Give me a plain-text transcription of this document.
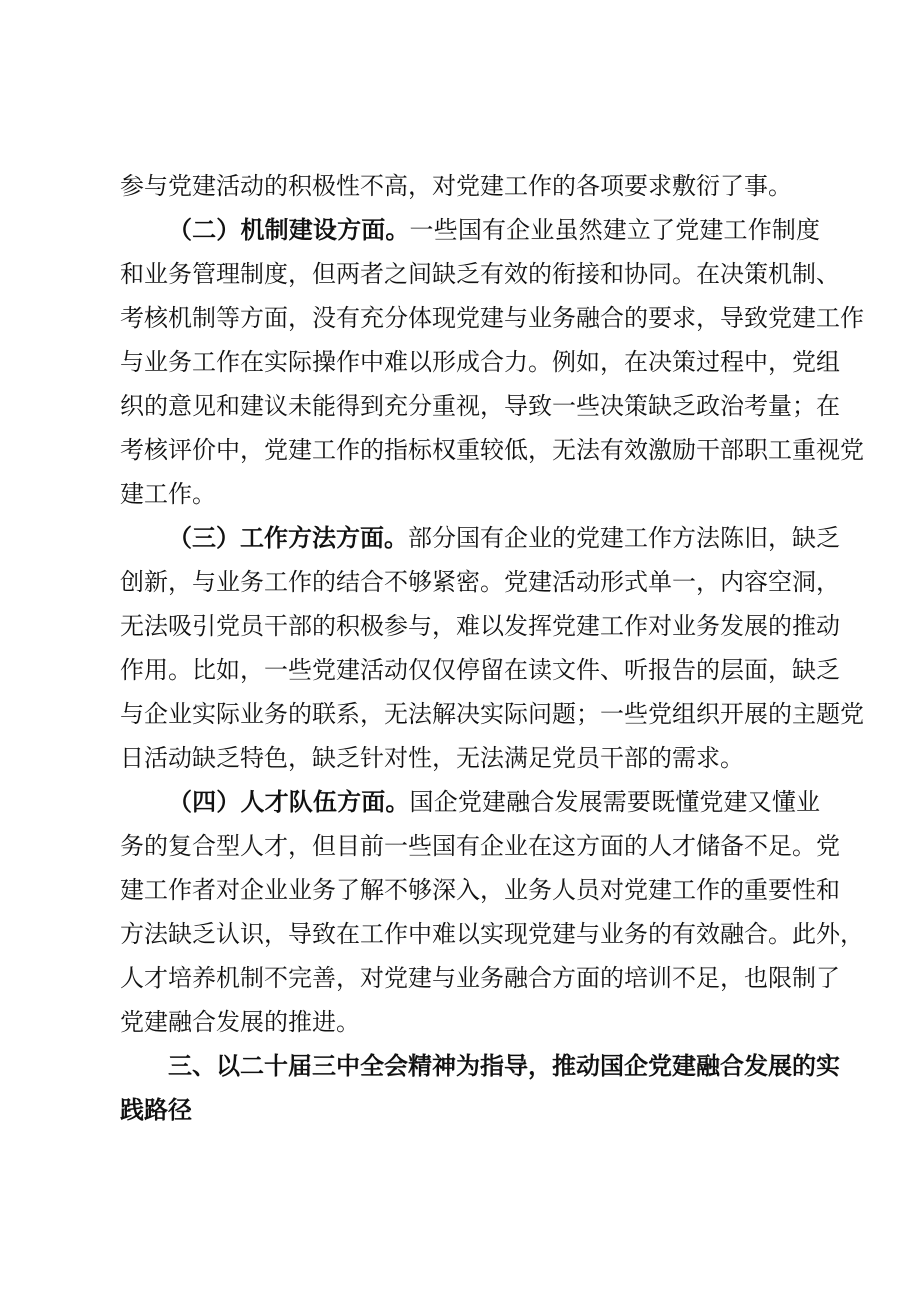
参与党建活动的积极性不高，对党建工作的各项要求敷衍了事。
（二）机制建设方面。一些国有企业虽然建立了党建工作制度
和业务管理制度，但两者之间缺乏有效的衔接和协同。在决策机制、
考核机制等方面，没有充分体现党建与业务融合的要求，导致党建工作
与业务工作在实际操作中难以形成合力。例如，在决策过程中，党组
织的意见和建议未能得到充分重视，导致一些决策缺乏政治考量；在
考核评价中，党建工作的指标权重较低，无法有效激励干部职工重视党
建工作。
（三）工作方法方面。部分国有企业的党建工作方法陈旧，缺乏
创新，与业务工作的结合不够紧密。党建活动形式单一，内容空洞，
无法吸引党员干部的积极参与，难以发挥党建工作对业务发展的推动
作用。比如，一些党建活动仅仅停留在读文件、听报告的层面，缺乏
与企业实际业务的联系，无法解决实际问题；一些党组织开展的主题党
日活动缺乏特色，缺乏针对性，无法满足党员干部的需求。
（四）人才队伍方面。国企党建融合发展需要既懂党建又懂业
务的复合型人才，但目前一些国有企业在这方面的人才储备不足。党
建工作者对企业业务了解不够深入，业务人员对党建工作的重要性和
方法缺乏认识，导致在工作中难以实现党建与业务的有效融合。此外，
人才培养机制不完善，对党建与业务融合方面的培训不足，也限制了
党建融合发展的推进。
三、以二十届三中全会精神为指导，推动国企党建融合发展的实
践路径
